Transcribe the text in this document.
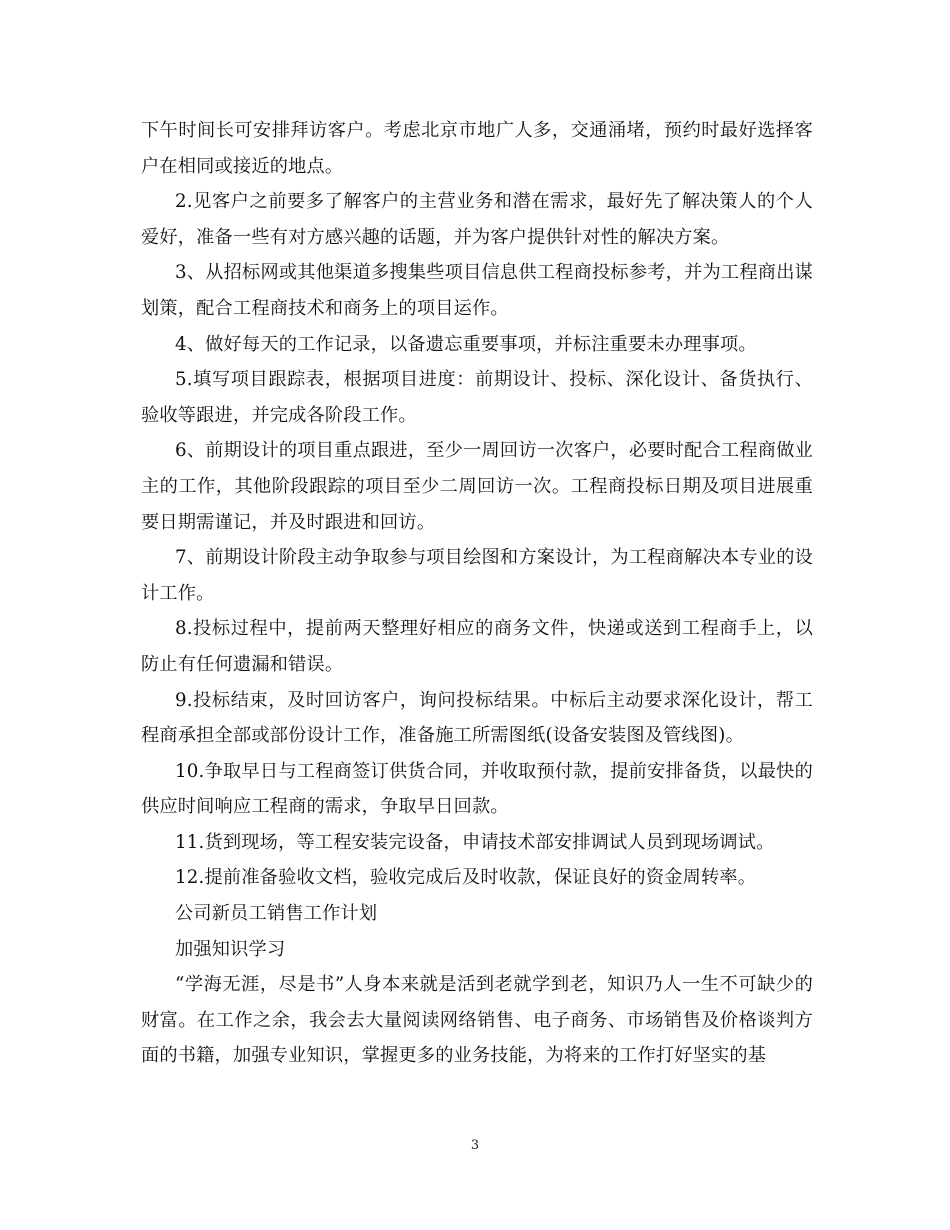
下午时间长可安排拜访客户。考虑北京市地广人多，交通涌堵，预约时最好选择客户在相同或接近的地点。

2.见客户之前要多了解客户的主营业务和潜在需求，最好先了解决策人的个人爱好，准备一些有对方感兴趣的话题，并为客户提供针对性的解决方案。

3、从招标网或其他渠道多搜集些项目信息供工程商投标参考，并为工程商出谋划策，配合工程商技术和商务上的项目运作。

4、做好每天的工作记录，以备遗忘重要事项，并标注重要未办理事项。

5.填写项目跟踪表，根据项目进度：前期设计、投标、深化设计、备货执行、验收等跟进，并完成各阶段工作。

6、前期设计的项目重点跟进，至少一周回访一次客户，必要时配合工程商做业主的工作，其他阶段跟踪的项目至少二周回访一次。工程商投标日期及项目进展重要日期需谨记，并及时跟进和回访。

7、前期设计阶段主动争取参与项目绘图和方案设计，为工程商解决本专业的设计工作。

8.投标过程中，提前两天整理好相应的商务文件，快递或送到工程商手上，以防止有任何遗漏和错误。

9.投标结束，及时回访客户，询问投标结果。中标后主动要求深化设计，帮工程商承担全部或部份设计工作，准备施工所需图纸(设备安装图及管线图)。

10.争取早日与工程商签订供货合同，并收取预付款，提前安排备货，以最快的供应时间响应工程商的需求，争取早日回款。

11.货到现场，等工程安装完设备，申请技术部安排调试人员到现场调试。

12.提前准备验收文档，验收完成后及时收款，保证良好的资金周转率。

公司新员工销售工作计划

加强知识学习

“学海无涯，尽是书”人身本来就是活到老就学到老，知识乃人一生不可缺少的财富。在工作之余，我会去大量阅读网络销售、电子商务、市场销售及价格谈判方面的书籍，加强专业知识，掌握更多的业务技能，为将来的工作打好坚实的基

3
